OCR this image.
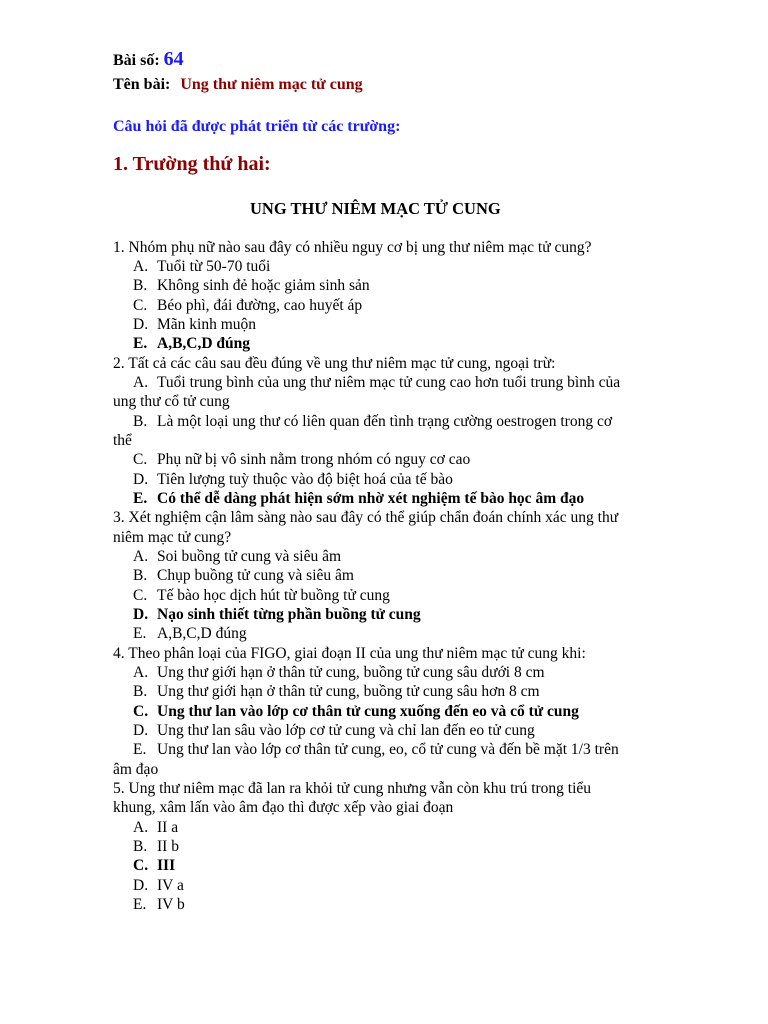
Bài số: 64
Tên bài: Ung thư niêm mạc tử cung
Câu hỏi đã được phát triển từ các trường:
1. Trường thứ hai:
UNG THƯ NIÊM MẠC TỬ CUNG
1. Nhóm phụ nữ nào sau đây có nhiều nguy cơ bị ung thư niêm mạc tử cung?
A. Tuổi từ 50-70 tuổi
B. Không sinh đẻ hoặc giảm sinh sản
C. Béo phì, đái đường, cao huyết áp
D. Mãn kinh muộn
E. A,B,C,D đúng
2. Tất cả các câu sau đều đúng về ung thư niêm mạc tử cung, ngoại trừ:
A. Tuổi trung bình của ung thư niêm mạc tử cung cao hơn tuổi trung bình của
ung thư cổ tử cung
B. Là một loại ung thư có liên quan đến tình trạng cường oestrogen trong cơ
thể
C. Phụ nữ bị vô sinh nằm trong nhóm có nguy cơ cao
D. Tiên lượng tuỳ thuộc vào độ biệt hoá của tế bào
E. Có thể dễ dàng phát hiện sớm nhờ xét nghiệm tế bào học âm đạo
3. Xét nghiệm cận lâm sàng nào sau đây có thể giúp chẩn đoán chính xác ung thư
niêm mạc tử cung?
A. Soi buồng tử cung và siêu âm
B. Chụp buồng tử cung và siêu âm
C. Tế bào học dịch hút từ buồng tử cung
D. Nạo sinh thiết từng phần buồng tử cung
E. A,B,C,D đúng
4. Theo phân loại của FIGO, giai đoạn II của ung thư niêm mạc tử cung khi:
A. Ung thư giới hạn ở thân tử cung, buồng tử cung sâu dưới 8 cm
B. Ung thư giới hạn ở thân tử cung, buồng tử cung sâu hơn 8 cm
C. Ung thư lan vào lớp cơ thân tử cung xuống đến eo và cổ tử cung
D. Ung thư lan sâu vào lớp cơ tử cung và chỉ lan đến eo tử cung
E. Ung thư lan vào lớp cơ thân tử cung, eo, cổ tử cung và đến bề mặt 1/3 trên
âm đạo
5. Ung thư niêm mạc đã lan ra khỏi tử cung nhưng vẫn còn khu trú trong tiểu
khung, xâm lấn vào âm đạo thì được xếp vào giai đoạn
A. II a
B. II b
C. III
D. IV a
E. IV b
